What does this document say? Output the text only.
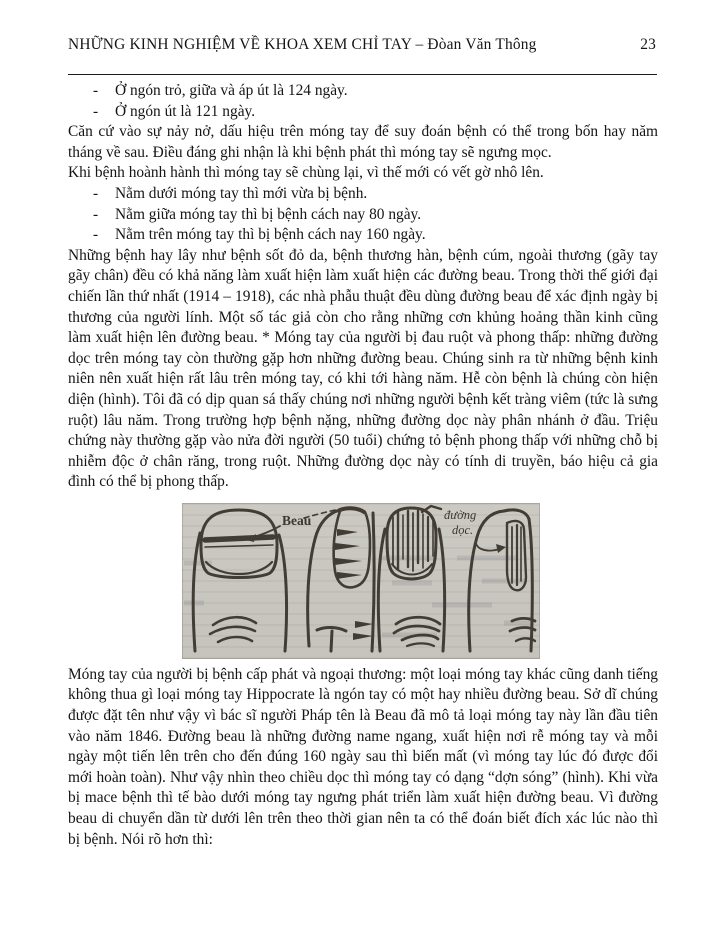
NHỮNG KINH NGHIỆM VỀ KHOA XEM CHỈ TAY – Đòan Văn Thông	23
-	Ở ngón trỏ, giữa và áp út là 124 ngày.
-	Ở ngón út là 121 ngày.

Căn cứ vào sự nảy nở, dấu hiệu trên móng tay để suy đoán bệnh có thể trong bốn hay năm tháng về sau. Điều đáng ghi nhận là khi bệnh phát thì móng tay sẽ ngưng mọc.

Khi bệnh hoành hành thì móng tay sẽ chùng lại, vì thế mới có vết gờ nhô lên.

-	Nằm dưới móng tay thì mới vừa bị bệnh.
-	Nằm giữa móng tay thì bị bệnh cách nay 80 ngày.
-	Nằm trên móng tay thì bị bệnh cách nay 160 ngày.

Những bệnh hay lây như bệnh sốt đỏ da, bệnh thương hàn, bệnh cúm, ngoài thương (gãy tay gãy chân) đều có khả năng làm xuất hiện làm xuất hiện các đường beau. Trong thời thế giới đại chiến lần thứ nhất (1914 – 1918), các nhà phẫu thuật đều dùng đường beau để xác định ngày bị thương của người lính. Một số tác giả còn cho rằng những cơn khủng hoảng thần kinh cũng làm xuất hiện lên đường beau. * Móng tay của người bị đau ruột và phong thấp: những đường dọc trên móng tay còn thường gặp hơn những đường beau. Chúng sinh ra từ những bệnh kinh niên nên xuất hiện rất lâu trên móng tay, có khi tới hàng năm. Hễ còn bệnh là chúng còn hiện diện (hình). Tôi đã có dịp quan sá thấy chúng nơi những người bệnh kết tràng viêm (tức là sưng ruột) lâu năm. Trong trường hợp bệnh nặng, những đường dọc này phân nhánh ở đầu. Triệu chứng này thường gặp vào nửa đời người (50 tuổi) chứng tỏ bệnh phong thấp với những chỗ bị nhiễm độc ở chân răng, trong ruột. Những đường dọc này có tính di truyền, báo hiệu cả gia đình có thể bị phong thấp.

Beau	đường
dọc.

Móng tay của người bị bệnh cấp phát và ngoại thương: một loại móng tay khác cũng danh tiếng không thua gì loại móng tay Hippocrate là ngón tay có một hay nhiều đường beau. Sở dĩ chúng được đặt tên như vậy vì bác sĩ người Pháp tên là Beau đã mô tả loại móng tay này lần đầu tiên vào năm 1846. Đường beau là những đường name ngang, xuất hiện nơi rễ móng tay và mỗi ngày một tiến lên trên cho đến đúng 160 ngày sau thì biến mất (vì móng tay lúc đó được đổi mới hoàn toàn). Như vậy nhìn theo chiều dọc thì móng tay có dạng “dợn sóng” (hình). Khi vừa bị mace bệnh thì tế bào dưới móng tay ngưng phát triển làm xuất hiện đường beau. Vì đường beau di chuyển dần từ dưới lên trên theo thời gian nên ta có thể đoán biết đích xác lúc nào thì bị bệnh. Nói rõ hơn thì:
